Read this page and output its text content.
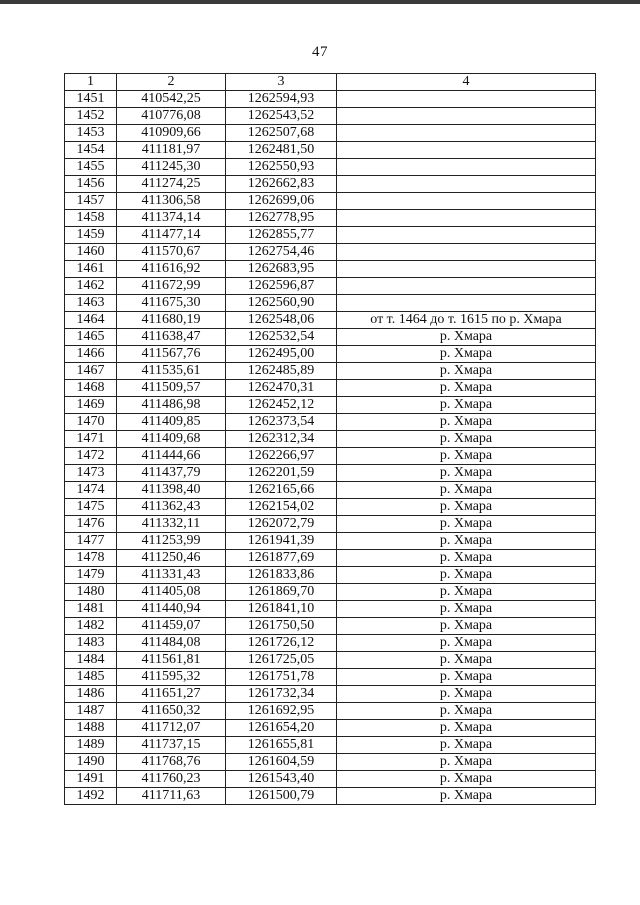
47
1	2	3	4
1451	410542,25	1262594,93	
1452	410776,08	1262543,52	
1453	410909,66	1262507,68	
1454	411181,97	1262481,50	
1455	411245,30	1262550,93	
1456	411274,25	1262662,83	
1457	411306,58	1262699,06	
1458	411374,14	1262778,95	
1459	411477,14	1262855,77	
1460	411570,67	1262754,46	
1461	411616,92	1262683,95	
1462	411672,99	1262596,87	
1463	411675,30	1262560,90	
1464	411680,19	1262548,06	от т. 1464 до т. 1615 по р. Хмара
1465	411638,47	1262532,54	р. Хмара
1466	411567,76	1262495,00	р. Хмара
1467	411535,61	1262485,89	р. Хмара
1468	411509,57	1262470,31	р. Хмара
1469	411486,98	1262452,12	р. Хмара
1470	411409,85	1262373,54	р. Хмара
1471	411409,68	1262312,34	р. Хмара
1472	411444,66	1262266,97	р. Хмара
1473	411437,79	1262201,59	р. Хмара
1474	411398,40	1262165,66	р. Хмара
1475	411362,43	1262154,02	р. Хмара
1476	411332,11	1262072,79	р. Хмара
1477	411253,99	1261941,39	р. Хмара
1478	411250,46	1261877,69	р. Хмара
1479	411331,43	1261833,86	р. Хмара
1480	411405,08	1261869,70	р. Хмара
1481	411440,94	1261841,10	р. Хмара
1482	411459,07	1261750,50	р. Хмара
1483	411484,08	1261726,12	р. Хмара
1484	411561,81	1261725,05	р. Хмара
1485	411595,32	1261751,78	р. Хмара
1486	411651,27	1261732,34	р. Хмара
1487	411650,32	1261692,95	р. Хмара
1488	411712,07	1261654,20	р. Хмара
1489	411737,15	1261655,81	р. Хмара
1490	411768,76	1261604,59	р. Хмара
1491	411760,23	1261543,40	р. Хмара
1492	411711,63	1261500,79	р. Хмара
